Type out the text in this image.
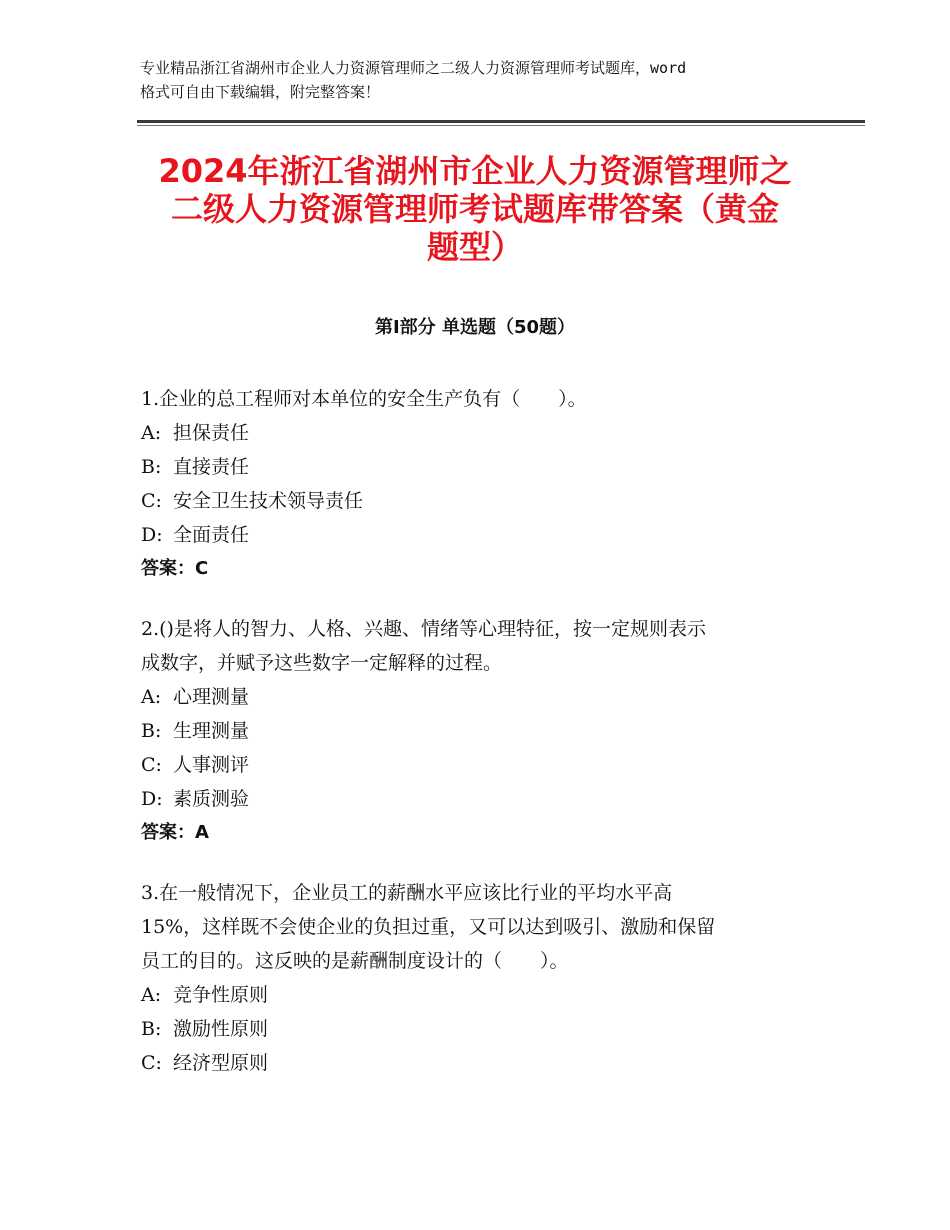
专业精品浙江省湖州市企业人力资源管理师之二级人力资源管理师考试题库，word
格式可自由下载编辑，附完整答案！
2024年浙江省湖州市企业人力资源管理师之
二级人力资源管理师考试题库带答案（黄金
题型）
第Ⅰ部分 单选题（50题）
1.企业的总工程师对本单位的安全生产负有（　　）。
A: 担保责任
B: 直接责任
C: 安全卫生技术领导责任
D: 全面责任
答案：C
2.()是将人的智力、人格、兴趣、情绪等心理特征，按一定规则表示
成数字，并赋予这些数字一定解释的过程。
A: 心理测量
B: 生理测量
C: 人事测评
D: 素质测验
答案：A
3.在一般情况下，企业员工的薪酬水平应该比行业的平均水平高
15%，这样既不会使企业的负担过重，又可以达到吸引、激励和保留
员工的目的。这反映的是薪酬制度设计的（　　）。
A: 竞争性原则
B: 激励性原则
C: 经济型原则
